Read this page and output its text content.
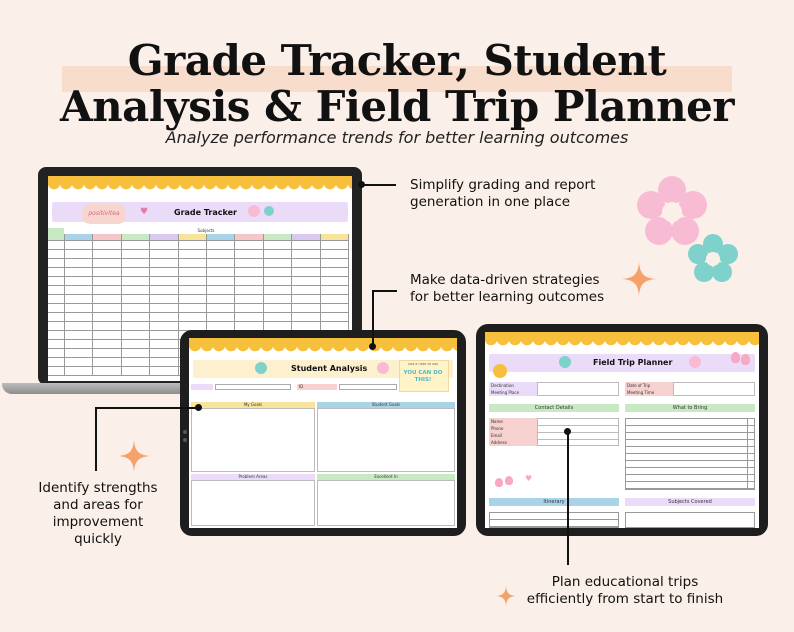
Grade Tracker, Student
Analysis & Field Trip Planner
Analyze performance trends for better learning outcomes
positivitea	Grade Tracker
♥
Subjects
Student Analysis	just a note to say
YOU CAN DO THIS!
ID
My Goals	Student Goals
Problem Areas	Excellent In
Field Trip Planner
Destination
Meeting Place
Date of Trip
Meeting Time
Contact Details	What to Bring
Name
Phone
Email
Address
♥
Itinerary	Subjects Covered
Simplify grading and report generation in one place
Make data-driven strategies for better learning outcomes
Identify strengths and areas for improvement quickly
Plan educational trips efficiently from start to finish
